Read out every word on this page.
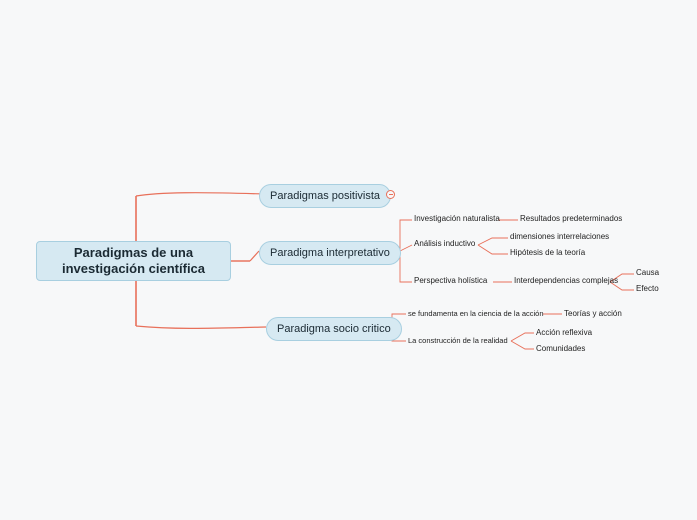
Paradigmas de una
investigación científica
Paradigmas positivista
Paradigma interpretativo
Paradigma socio critico
Investigación naturalista	Resultados predeterminados
Análisis inductivo
dimensiones interrelaciones
Hipótesis de la teoría
Perspectiva holística	Interdependencias complejas
Causa
Efecto
se fundamenta en la ciencia de la acción	Teorías y acción
La construcción de la realidad
Acción reflexiva
Comunidades
